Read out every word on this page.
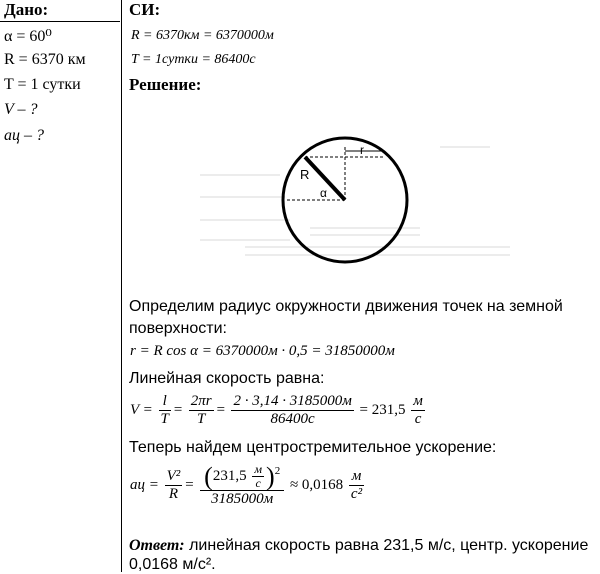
Дано:
α = 60⁰
R = 6370 км
T = 1 сутки
V – ?
aц – ?
СИ:
R = 6370км = 6370000м
T = 1сутки = 86400с
Решение:
r
R
α
Определим радиус окружности движения точек на земной
поверхности:
r = R cos α = 6370000м · 0,5 = 31850000м
Линейная скорость равна:
$V = \frac{l}{T} = \frac{2\pi r}{T} = \frac{2 \cdot 3,14 \cdot 3185000м}{86400с} = 231,5 \frac{м}{с}$
Теперь найдем центростремительное ускорение:
aц = $\frac{\text{V²}}{R} = \frac{(231,5 \frac{м}{с} )^2}{3185000м} \approx 0,0168 \frac{м}{\text{с²}}$
Ответ: линейная скорость равна 231,5 м/с, центр. ускорение 0,0168 м/с².
